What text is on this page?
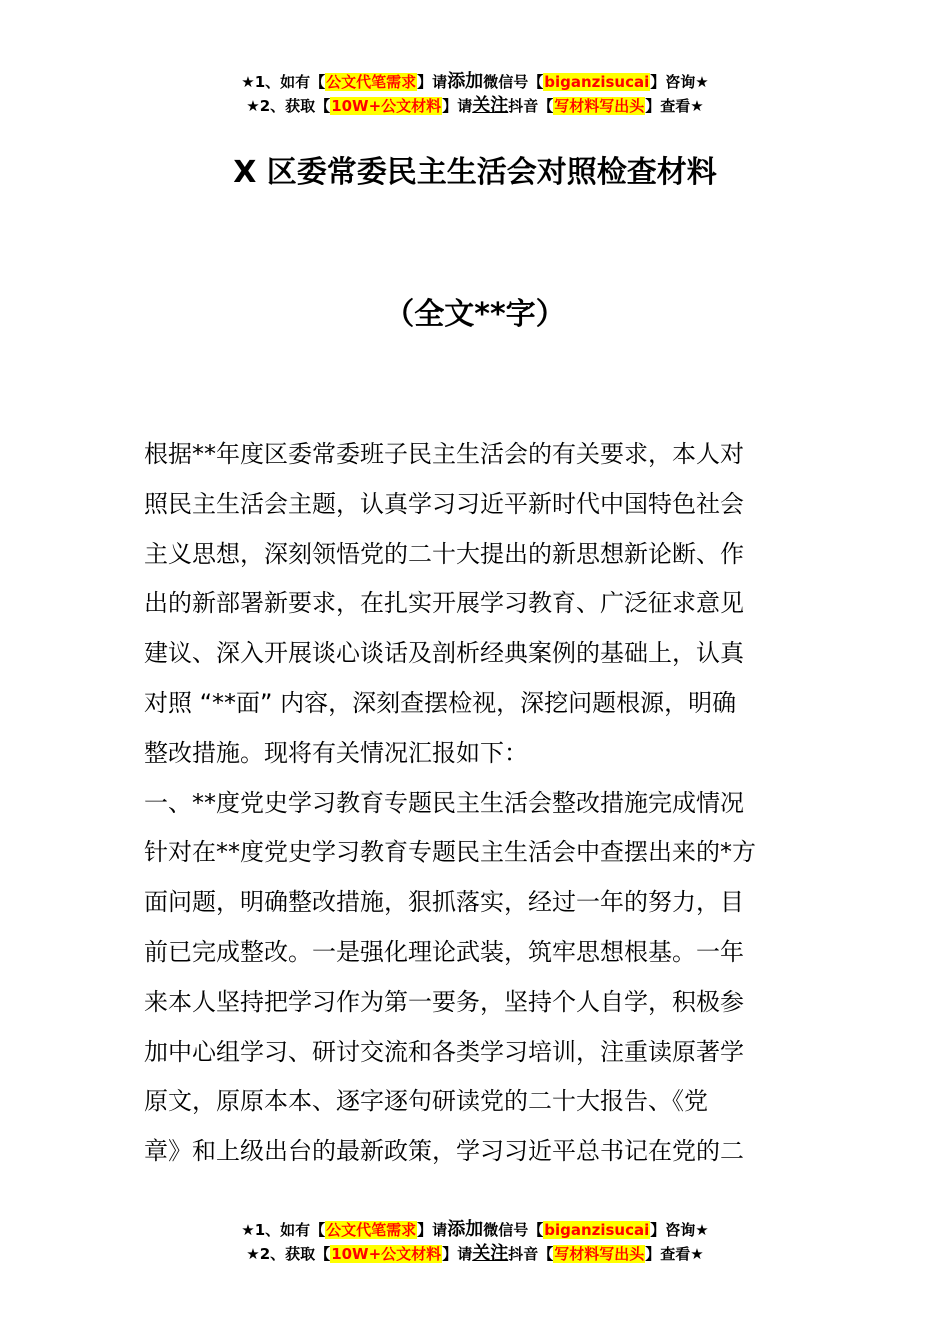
★1、如有【公文代笔需求】请添加微信号【biganzisucai】咨询★
★2、获取【10W+公文材料】请关注抖音【写材料写出头】查看★
X 区委常委民主生活会对照检查材料
（全文**字）
根据**年度区委常委班子民主生活会的有关要求，本人对
照民主生活会主题，认真学习习近平新时代中国特色社会
主义思想，深刻领悟党的二十大提出的新思想新论断、作
出的新部署新要求，在扎实开展学习教育、广泛征求意见
建议、深入开展谈心谈话及剖析经典案例的基础上，认真
对照 “**面” 内容，深刻查摆检视，深挖问题根源，明确
整改措施。现将有关情况汇报如下：
一、**度党史学习教育专题民主生活会整改措施完成情况
针对在**度党史学习教育专题民主生活会中查摆出来的*方
面问题，明确整改措施，狠抓落实，经过一年的努力，目
前已完成整改。一是强化理论武装，筑牢思想根基。一年
来本人坚持把学习作为第一要务，坚持个人自学，积极参
加中心组学习、研讨交流和各类学习培训，注重读原著学
原文，原原本本、逐字逐句研读党的二十大报告、《党
章》和上级出台的最新政策，学习习近平总书记在党的二
★1、如有【公文代笔需求】请添加微信号【biganzisucai】咨询★
★2、获取【10W+公文材料】请关注抖音【写材料写出头】查看★
